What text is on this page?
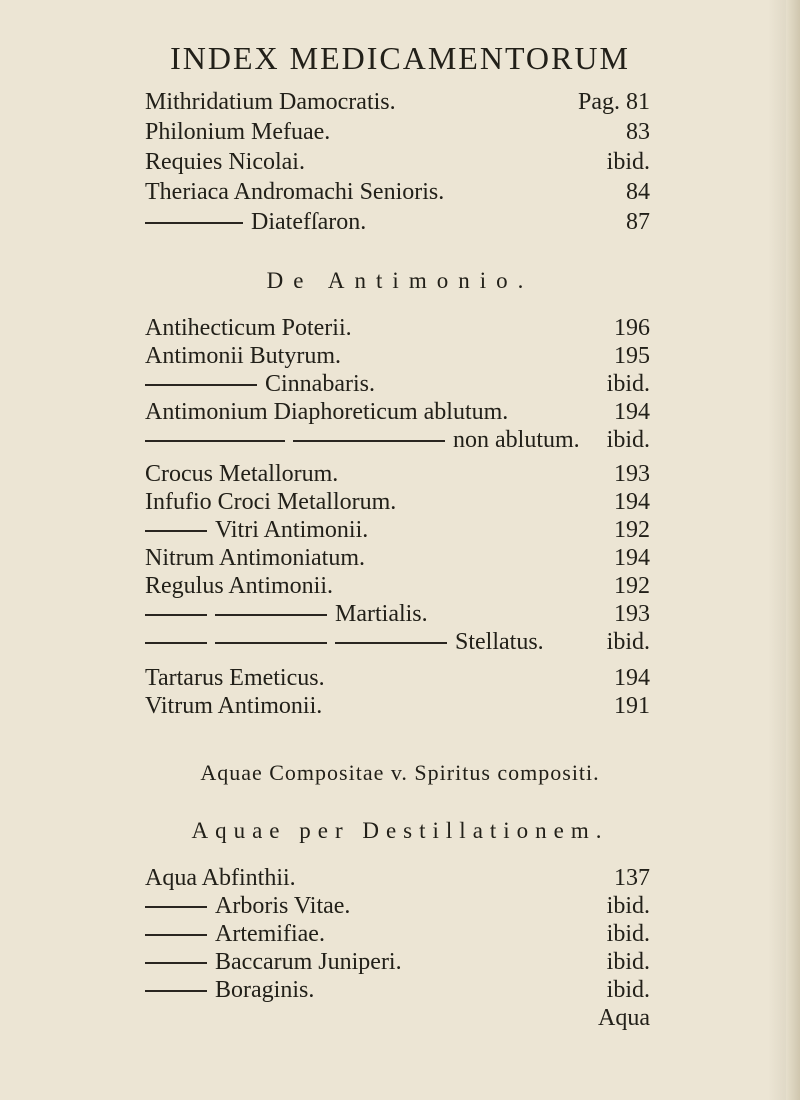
INDEX MEDICAMENTORUM
Mithridatium Damocratis.	Pag. 81
Philonium Mefuae.	83
Requies Nicolai.	ibid.
Theriaca Andromachi Senioris.	84
Diatefſaron.	87
De Antimonio.
Antihecticum Poterii.	196
Antimonii Butyrum.	195
Cinnabaris.	ibid.
Antimonium Diaphoreticum ablutum.	194
non ablutum. ibid.
Crocus Metallorum.	193
Infufio Croci Metallorum.	194
Vitri Antimonii.	192
Nitrum Antimoniatum.	194
Regulus Antimonii.	192
Martialis.	193
Stellatus.	ibid.
Tartarus Emeticus.	194
Vitrum Antimonii.	191
Aquae Compositae v. Spiritus compositi.
Aquae per Destillationem.
Aqua Abfinthii.	137
Arboris Vitae.	ibid.
Artemifiae.	ibid.
Baccarum Juniperi.	ibid.
Boraginis.	ibid.
Aqua
